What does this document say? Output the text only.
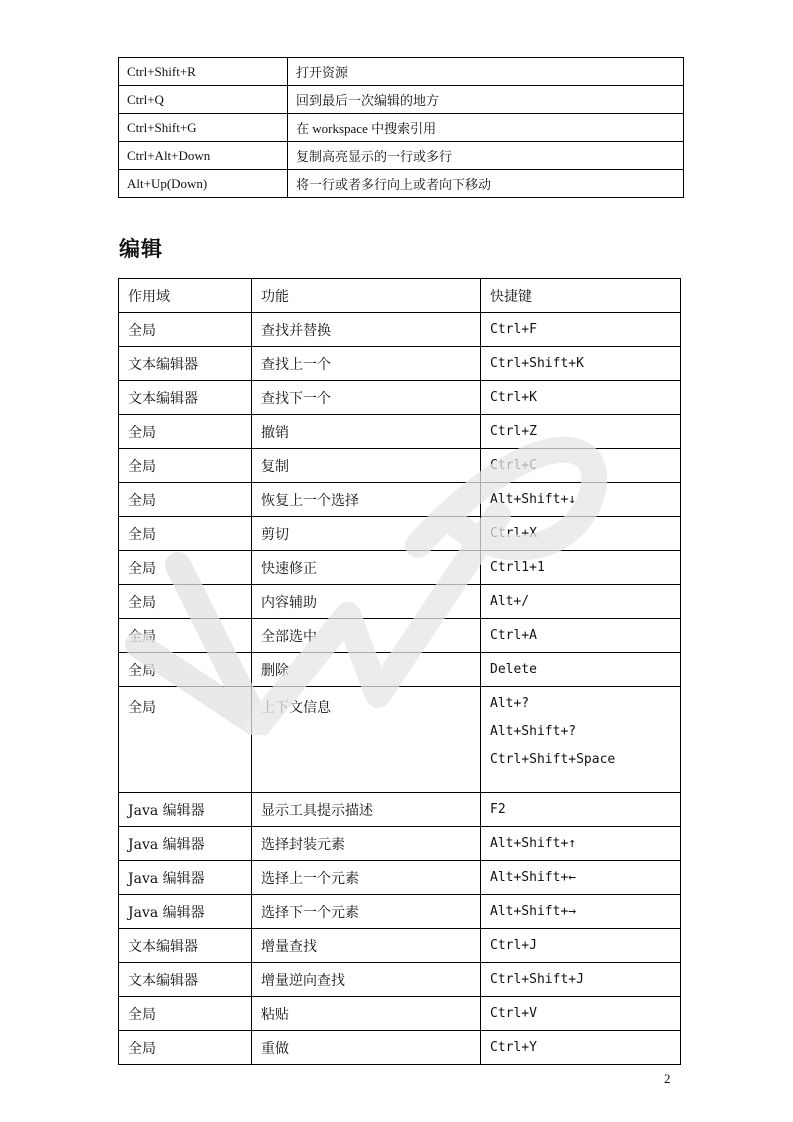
Ctrl+Shift+R	打开资源
Ctrl+Q	回到最后一次编辑的地方
Ctrl+Shift+G	在 workspace 中搜索引用
Ctrl+Alt+Down	复制高亮显示的一行或多行
Alt+Up(Down)	将一行或者多行向上或者向下移动
编辑
作用域	功能	快捷键
全局	查找并替换	Ctrl+F
文本编辑器	查找上一个	Ctrl+Shift+K
文本编辑器	查找下一个	Ctrl+K
全局	撤销	Ctrl+Z
全局	复制	Ctrl+C
全局	恢复上一个选择	Alt+Shift+↓
全局	剪切	Ctrl+X
全局	快速修正	Ctrl1+1
全局	内容辅助	Alt+/
全局	全部选中	Ctrl+A
全局	删除	Delete
全局	上下文信息	Alt+?
Alt+Shift+?
Ctrl+Shift+Space

Java 编辑器	显示工具提示描述	F2
Java 编辑器	选择封装元素	Alt+Shift+↑
Java 编辑器	选择上一个元素	Alt+Shift+←
Java 编辑器	选择下一个元素	Alt+Shift+→
文本编辑器	增量查找	Ctrl+J
文本编辑器	增量逆向查找	Ctrl+Shift+J
全局	粘贴	Ctrl+V
全局	重做	Ctrl+Y
2
